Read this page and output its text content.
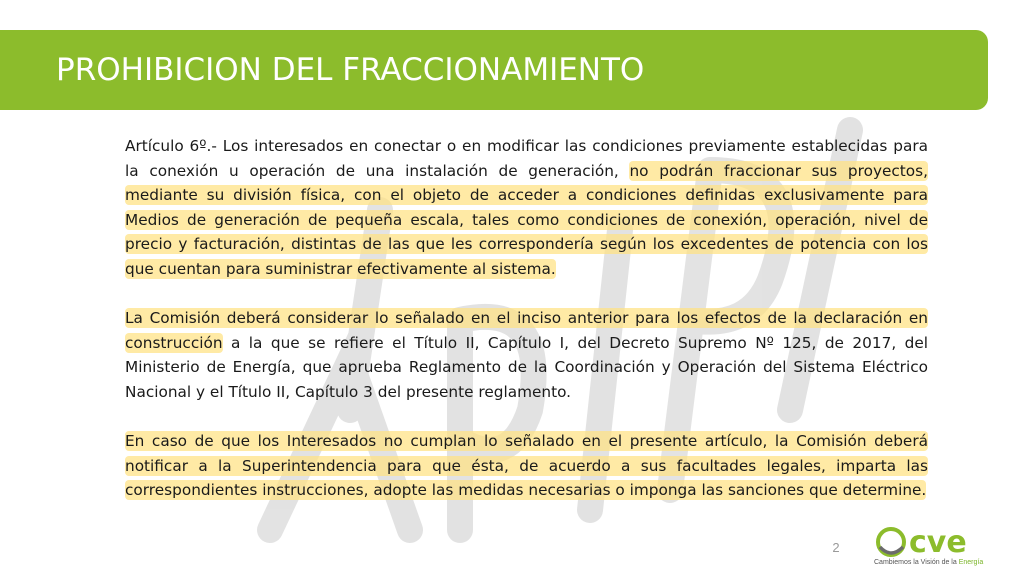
PROHIBICION DEL FRACCIONAMIENTO

Artículo 6º.- Los interesados en conectar o en modificar las condiciones previamente establecidas para la conexión u operación de una instalación de generación, no podrán fraccionar sus proyectos, mediante su división física, con el objeto de acceder a condiciones definidas exclusivamente para Medios de generación de pequeña escala, tales como condiciones de conexión, operación, nivel de precio y facturación, distintas de las que les correspondería según los excedentes de potencia con los que cuentan para suministrar efectivamente al sistema.

La Comisión deberá considerar lo señalado en el inciso anterior para los efectos de la declaración en construcción a la que se refiere el Título II, Capítulo I, del Decreto Supremo Nº 125, de 2017, del Ministerio de Energía, que aprueba Reglamento de la Coordinación y Operación del Sistema Eléctrico Nacional y el Título II, Capítulo 3 del presente reglamento.

En caso de que los Interesados no cumplan lo señalado en el presente artículo, la Comisión deberá notificar a la Superintendencia para que ésta, de acuerdo a sus facultades legales, imparta las correspondientes instrucciones, adopte las medidas necesarias o imponga las sanciones que determine.

2 cve
Cambiemos la Visión de la Energía
